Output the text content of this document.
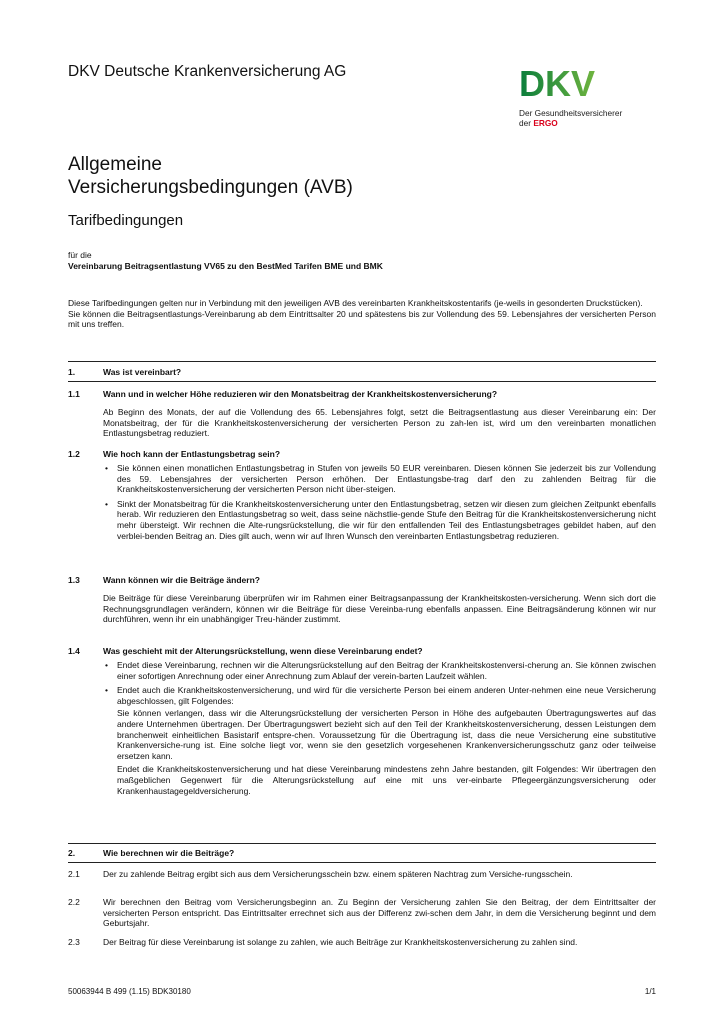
DKV Deutsche Krankenversicherung AG	DKV
Der Gesundheitsversicherer
der ERGO
Allgemeine
Versicherungsbedingungen (AVB)
Tarifbedingungen
für die
Vereinbarung Beitragsentlastung VV65 zu den BestMed Tarifen BME und BMK
Diese Tarifbedingungen gelten nur in Verbindung mit den jeweiligen AVB des vereinbarten Krankheitskostentarifs (je-weils in gesonderten Druckstücken).
Sie können die Beitragsentlastungs-Vereinbarung ab dem Eintrittsalter 20 und spätestens bis zur Vollendung des 59. Lebensjahres der versicherten Person mit uns treffen.
1.	Was ist vereinbart?
1.1	Wann und in welcher Höhe reduzieren wir den Monatsbeitrag der Krankheitskostenversicherung?
Ab Beginn des Monats, der auf die Vollendung des 65. Lebensjahres folgt, setzt die Beitragsentlastung aus dieser Vereinbarung ein: Der Monatsbeitrag, der für die Krankheitskostenversicherung der versicherten Person zu zah-len ist, wird um den vereinbarten monatlichen Entlastungsbetrag reduziert.
1.2	Wie hoch kann der Entlastungsbetrag sein?
• Sie können einen monatlichen Entlastungsbetrag in Stufen von jeweils 50 EUR vereinbaren. Diesen können Sie jederzeit bis zur Vollendung des 59. Lebensjahres der versicherten Person erhöhen. Der Entlastungsbe-trag darf den zu zahlenden Beitrag für die Krankheitskostenversicherung der versicherten Person nicht über-steigen.
• Sinkt der Monatsbeitrag für die Krankheitskostenversicherung unter den Entlastungsbetrag, setzen wir diesen zum gleichen Zeitpunkt ebenfalls herab. Wir reduzieren den Entlastungsbetrag so weit, dass seine nächstlie-gende Stufe den Beitrag für die Krankheitskostenversicherung nicht mehr übersteigt. Wir rechnen die Alte-rungsrückstellung, die wir für den entfallenden Teil des Entlastungsbetrages gebildet haben, auf den verblei-benden Beitrag an. Dies gilt auch, wenn wir auf Ihren Wunsch den vereinbarten Entlastungsbetrag reduzieren.
1.3	Wann können wir die Beiträge ändern?
Die Beiträge für diese Vereinbarung überprüfen wir im Rahmen einer Beitragsanpassung der Krankheitskosten-versicherung. Wenn sich dort die Rechnungsgrundlagen verändern, können wir die Beiträge für diese Vereinba-rung ebenfalls anpassen. Eine Beitragsänderung können wir nur durchführen, wenn ihr ein unabhängiger Treu-händer zustimmt.
1.4	Was geschieht mit der Alterungsrückstellung, wenn diese Vereinbarung endet?
• Endet diese Vereinbarung, rechnen wir die Alterungsrückstellung auf den Beitrag der Krankheitskostenversi-cherung an. Sie können zwischen einer sofortigen Anrechnung oder einer Anrechnung zum Ablauf der verein-barten Laufzeit wählen.
• Endet auch die Krankheitskostenversicherung, und wird für die versicherte Person bei einem anderen Unter-nehmen eine neue Versicherung abgeschlossen, gilt Folgendes:
Sie können verlangen, dass wir die Alterungsrückstellung der versicherten Person in Höhe des aufgebauten Übertragungswertes auf das andere Unternehmen übertragen. Der Übertragungswert bezieht sich auf den Teil der Krankheitskostenversicherung, dessen Leistungen dem branchenweit einheitlichen Basistarif entspre-chen. Voraussetzung für die Übertragung ist, dass die neue Versicherung eine substitutive Krankenversiche-rung ist. Eine solche liegt vor, wenn sie den gesetzlich vorgesehenen Krankenversicherungsschutz ganz oder teilweise ersetzen kann.
Endet die Krankheitskostenversicherung und hat diese Vereinbarung mindestens zehn Jahre bestanden, gilt Folgendes: Wir übertragen den maßgeblichen Gegenwert für die Alterungsrückstellung auf eine mit uns ver-einbarte Pflegeergänzungsversicherung oder Krankenhaustagegeldversicherung.
2.	Wie berechnen wir die Beiträge?
2.1	Der zu zahlende Beitrag ergibt sich aus dem Versicherungsschein bzw. einem späteren Nachtrag zum Versiche-rungsschein.
2.2	Wir berechnen den Beitrag vom Versicherungsbeginn an. Zu Beginn der Versicherung zahlen Sie den Beitrag, der dem Eintrittsalter der versicherten Person entspricht. Das Eintrittsalter errechnet sich aus der Differenz zwi-schen dem Jahr, in dem die Versicherung beginnt und dem Geburtsjahr.
2.3	Der Beitrag für diese Vereinbarung ist solange zu zahlen, wie auch Beiträge zur Krankheitskostenversicherung zu zahlen sind.
50063944 B 499 (1.15) BDK30180	1/1
